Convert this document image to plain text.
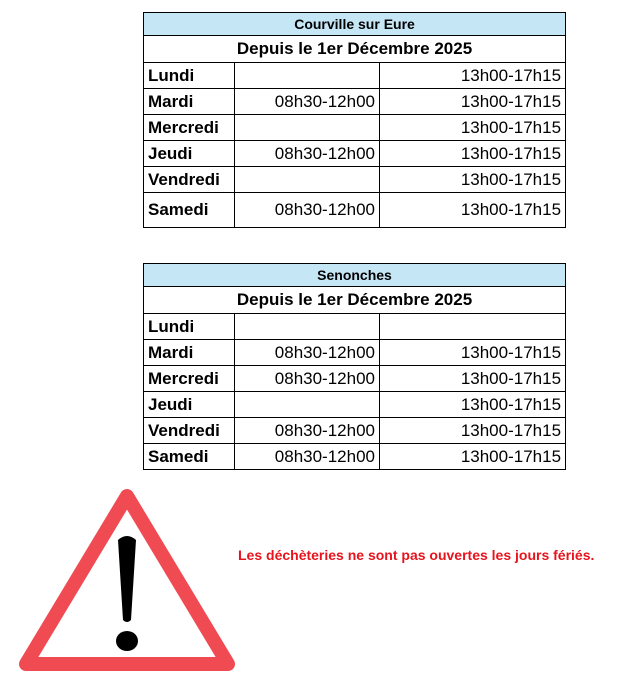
Courville sur Eure		
Depuis le 1er Décembre 2025		
Lundi		13h00-17h15
Mardi	08h30-12h00	13h00-17h15
Mercredi		13h00-17h15
Jeudi	08h30-12h00	13h00-17h15
Vendredi		13h00-17h15
Samedi	08h30-12h00	13h00-17h15
Senonches		
Depuis le 1er Décembre 2025		
Lundi		
Mardi	08h30-12h00	13h00-17h15
Mercredi	08h30-12h00	13h00-17h15
Jeudi		13h00-17h15
Vendredi	08h30-12h00	13h00-17h15
Samedi	08h30-12h00	13h00-17h15
Les déchèteries ne sont pas ouvertes les jours fériés.
